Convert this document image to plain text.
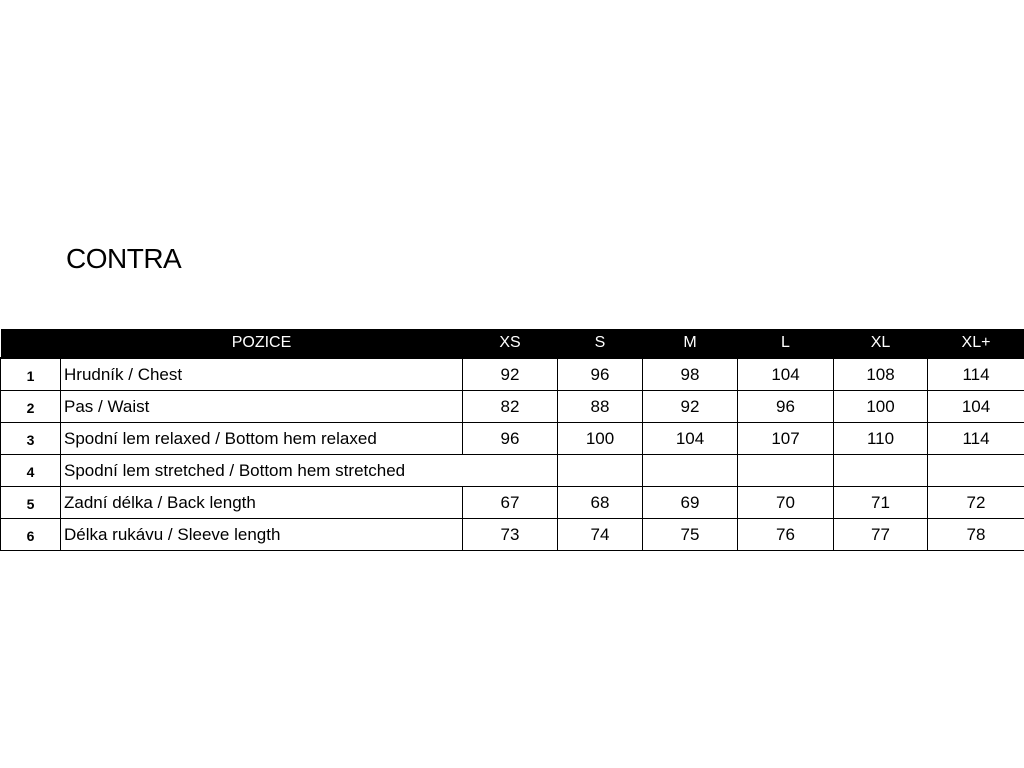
CONTRA
	POZICE	XS	S	M	L	XL	XL+
1	Hrudník / Chest	92	96	98	104	108	114
2	Pas / Waist	82	88	92	96	100	104
3	Spodní lem relaxed / Bottom hem relaxed	96	100	104	107	110	114
4	Spodní lem stretched / Bottom hem stretched						
5	Zadní délka / Back length	67	68	69	70	71	72
6	Délka rukávu / Sleeve length	73	74	75	76	77	78
